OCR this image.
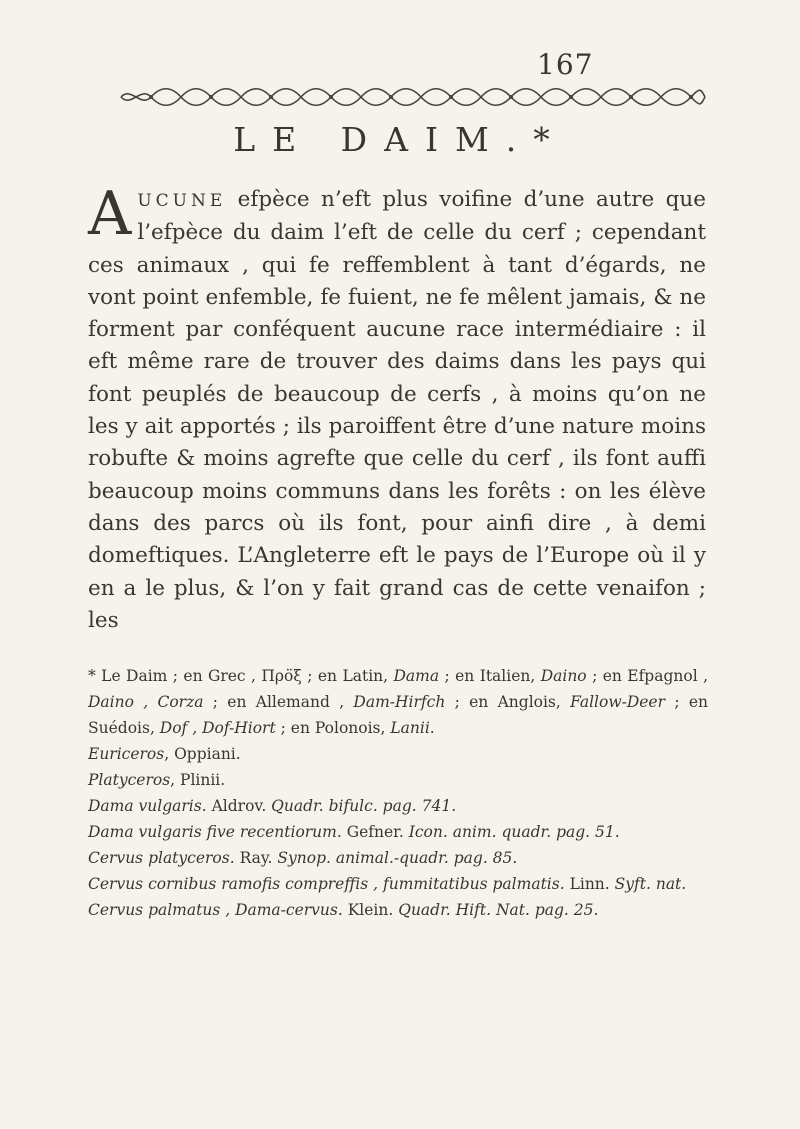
167
LE DAIM.*

AUCUNE efpèce n’eft plus voifine d’une autre que l’efpèce du daim l’eft de celle du cerf ; cependant ces animaux , qui fe reffemblent à tant d’égards, ne vont point enfemble, fe fuient, ne fe mêlent jamais, & ne forment par conféquent aucune race intermédiaire : il eft même rare de trouver des daims dans les pays qui font peuplés de beaucoup de cerfs , à moins qu’on ne les y ait apportés ; ils paroiffent être d’une nature moins robufte & moins agrefte que celle du cerf , ils font auffi beaucoup moins communs dans les forêts : on les élève dans des parcs où ils font, pour ainfi dire , à demi domeftiques. L’Angleterre eft le pays de l’Europe où il y en a le plus, & l’on y fait grand cas de cette venaifon ; les

* Le Daim ; en Grec , Προ̈ξ ; en Latin, Dama ; en Italien, Daino ; en Efpagnol , Daino , Corza ; en Allemand , Dam-Hirfch ; en Anglois, Fallow-Deer ; en Suédois, Dof , Dof-Hiort ; en Polonois, Lanii.
Euriceros, Oppiani.
Platyceros, Plinii.
Dama vulgaris. Aldrov. Quadr. bifulc. pag. 741.
Dama vulgaris five recentiorum. Gefner. Icon. anim. quadr. pag. 51.
Cervus platyceros. Ray. Synop. animal.-quadr. pag. 85.
Cervus cornibus ramofis compreffis , fummitatibus palmatis. Linn. Syft. nat.
Cervus palmatus , Dama-cervus. Klein. Quadr. Hift. Nat. pag. 25.
